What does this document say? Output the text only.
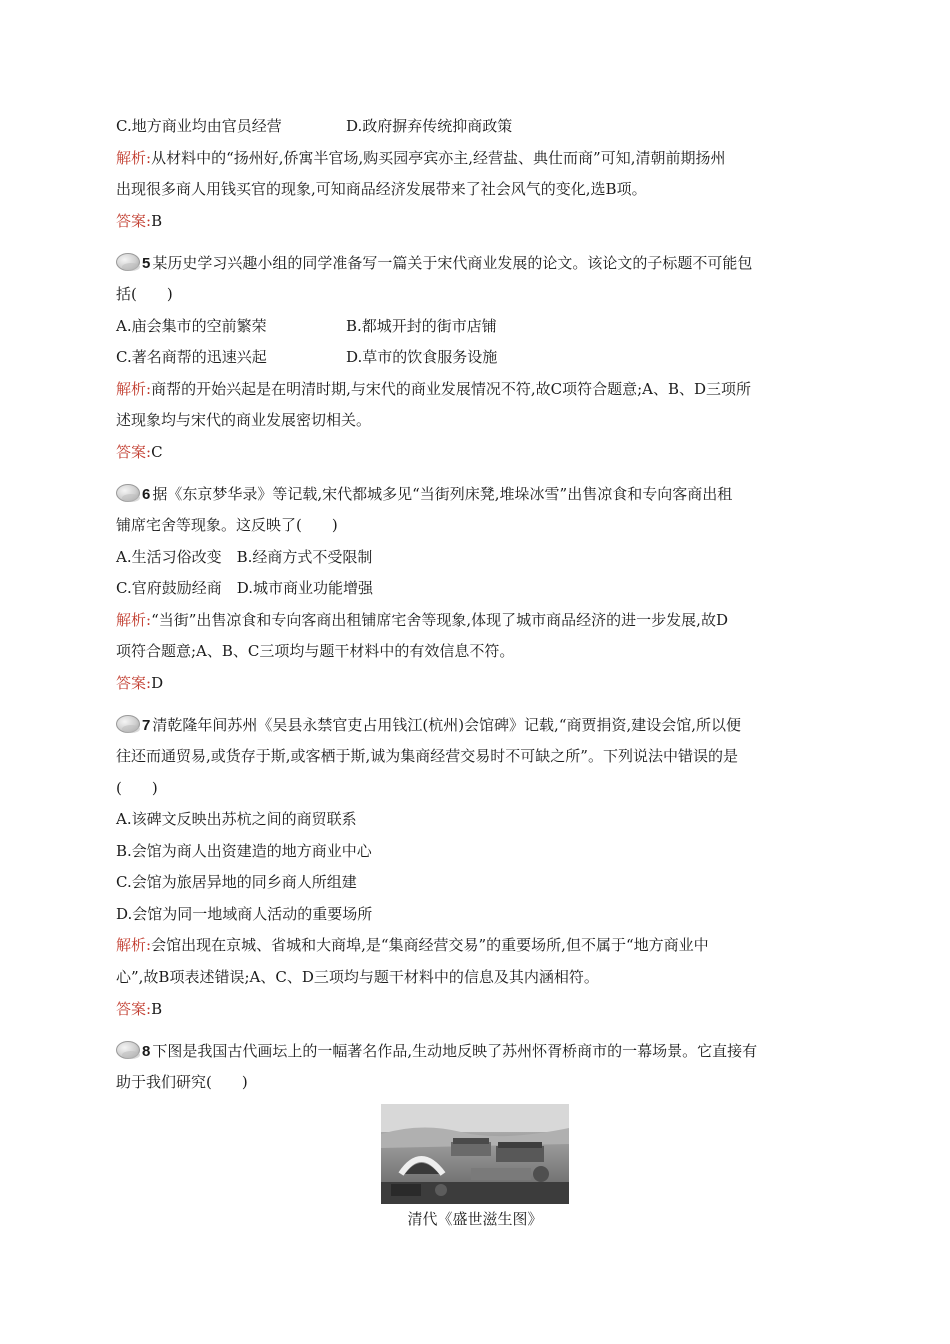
C.地方商业均由官员经营	D.政府摒弃传统抑商政策
解析:从材料中的“扬州好,侨寓半官场,购买园亭宾亦主,经营盐、典仕而商”可知,清朝前期扬州
出现很多商人用钱买官的现象,可知商品经济发展带来了社会风气的变化,选B项。
答案:B
5 某历史学习兴趣小组的同学准备写一篇关于宋代商业发展的论文。该论文的子标题不可能包
括(　　)
A.庙会集市的空前繁荣	B.都城开封的街市店铺
C.著名商帮的迅速兴起	D.草市的饮食服务设施
解析:商帮的开始兴起是在明清时期,与宋代的商业发展情况不符,故C项符合题意;A、B、D三项所
述现象均与宋代的商业发展密切相关。
答案:C
6 据《东京梦华录》等记载,宋代都城多见“当街列床凳,堆垛冰雪”出售凉食和专向客商出租
铺席宅舍等现象。这反映了(　　)
A.生活习俗改变　B.经商方式不受限制
C.官府鼓励经商　D.城市商业功能增强
解析:“当街”出售凉食和专向客商出租铺席宅舍等现象,体现了城市商品经济的进一步发展,故D
项符合题意;A、B、C三项均与题干材料中的有效信息不符。
答案:D
7 清乾隆年间苏州《吴县永禁官吏占用钱江(杭州)会馆碑》记载,“商贾捐资,建设会馆,所以便
往还而通贸易,或货存于斯,或客栖于斯,诚为集商经营交易时不可缺之所”。下列说法中错误的是
(　　)
A.该碑文反映出苏杭之间的商贸联系
B.会馆为商人出资建造的地方商业中心
C.会馆为旅居异地的同乡商人所组建
D.会馆为同一地域商人活动的重要场所
解析:会馆出现在京城、省城和大商埠,是“集商经营交易”的重要场所,但不属于“地方商业中
心”,故B项表述错误;A、C、D三项均与题干材料中的信息及其内涵相符。
答案:B
8 下图是我国古代画坛上的一幅著名作品,生动地反映了苏州怀胥桥商市的一幕场景。它直接有
助于我们研究(　　)
清代《盛世滋生图》
